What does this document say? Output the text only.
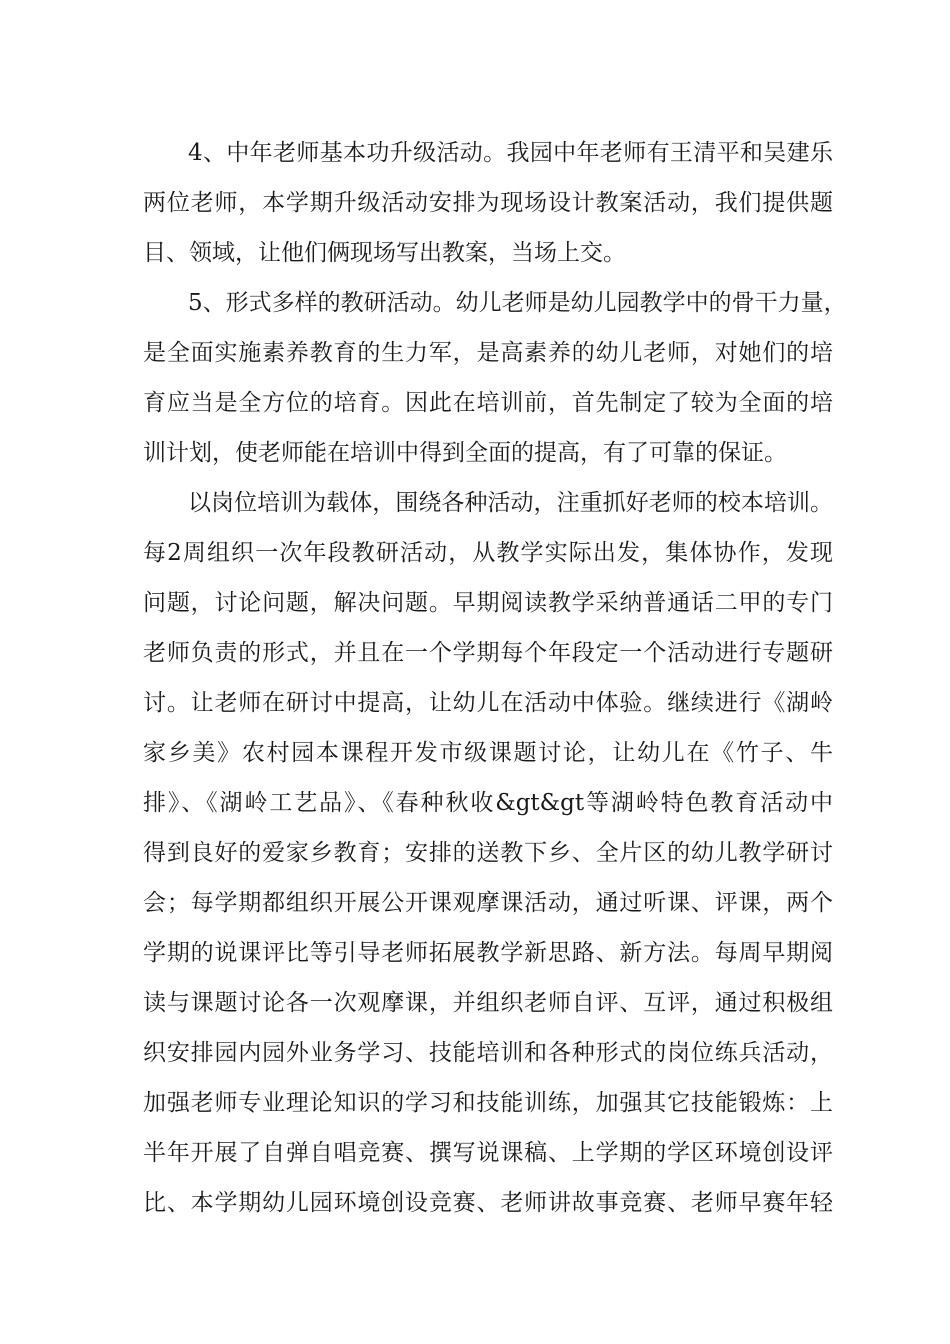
4、中年老师基本功升级活动。我园中年老师有王清平和吴建乐
两位老师，本学期升级活动安排为现场设计教案活动，我们提供题
目、领域，让他们俩现场写出教案，当场上交。
5、形式多样的教研活动。幼儿老师是幼儿园教学中的骨干力量，
是全面实施素养教育的生力军，是高素养的幼儿老师，对她们的培
育应当是全方位的培育。因此在培训前，首先制定了较为全面的培
训计划，使老师能在培训中得到全面的提高，有了可靠的保证。
以岗位培训为载体，围绕各种活动，注重抓好老师的校本培训。
每2周组织一次年段教研活动，从教学实际出发，集体协作，发现
问题，讨论问题，解决问题。早期阅读教学采纳普通话二甲的专门
老师负责的形式，并且在一个学期每个年段定一个活动进行专题研
讨。让老师在研讨中提高，让幼儿在活动中体验。继续进行《湖岭
家乡美》农村园本课程开发市级课题讨论，让幼儿在《竹子、牛
排》、《湖岭工艺品》、《春种秋收&gt&gt等湖岭特色教育活动中
得到良好的爱家乡教育；安排的送教下乡、全片区的幼儿教学研讨
会；每学期都组织开展公开课观摩课活动，通过听课、评课，两个
学期的说课评比等引导老师拓展教学新思路、新方法。每周早期阅
读与课题讨论各一次观摩课，并组织老师自评、互评，通过积极组
织安排园内园外业务学习、技能培训和各种形式的岗位练兵活动，
加强老师专业理论知识的学习和技能训练，加强其它技能锻炼：上
半年开展了自弹自唱竞赛、撰写说课稿、上学期的学区环境创设评
比、本学期幼儿园环境创设竞赛、老师讲故事竞赛、老师早赛年轻
